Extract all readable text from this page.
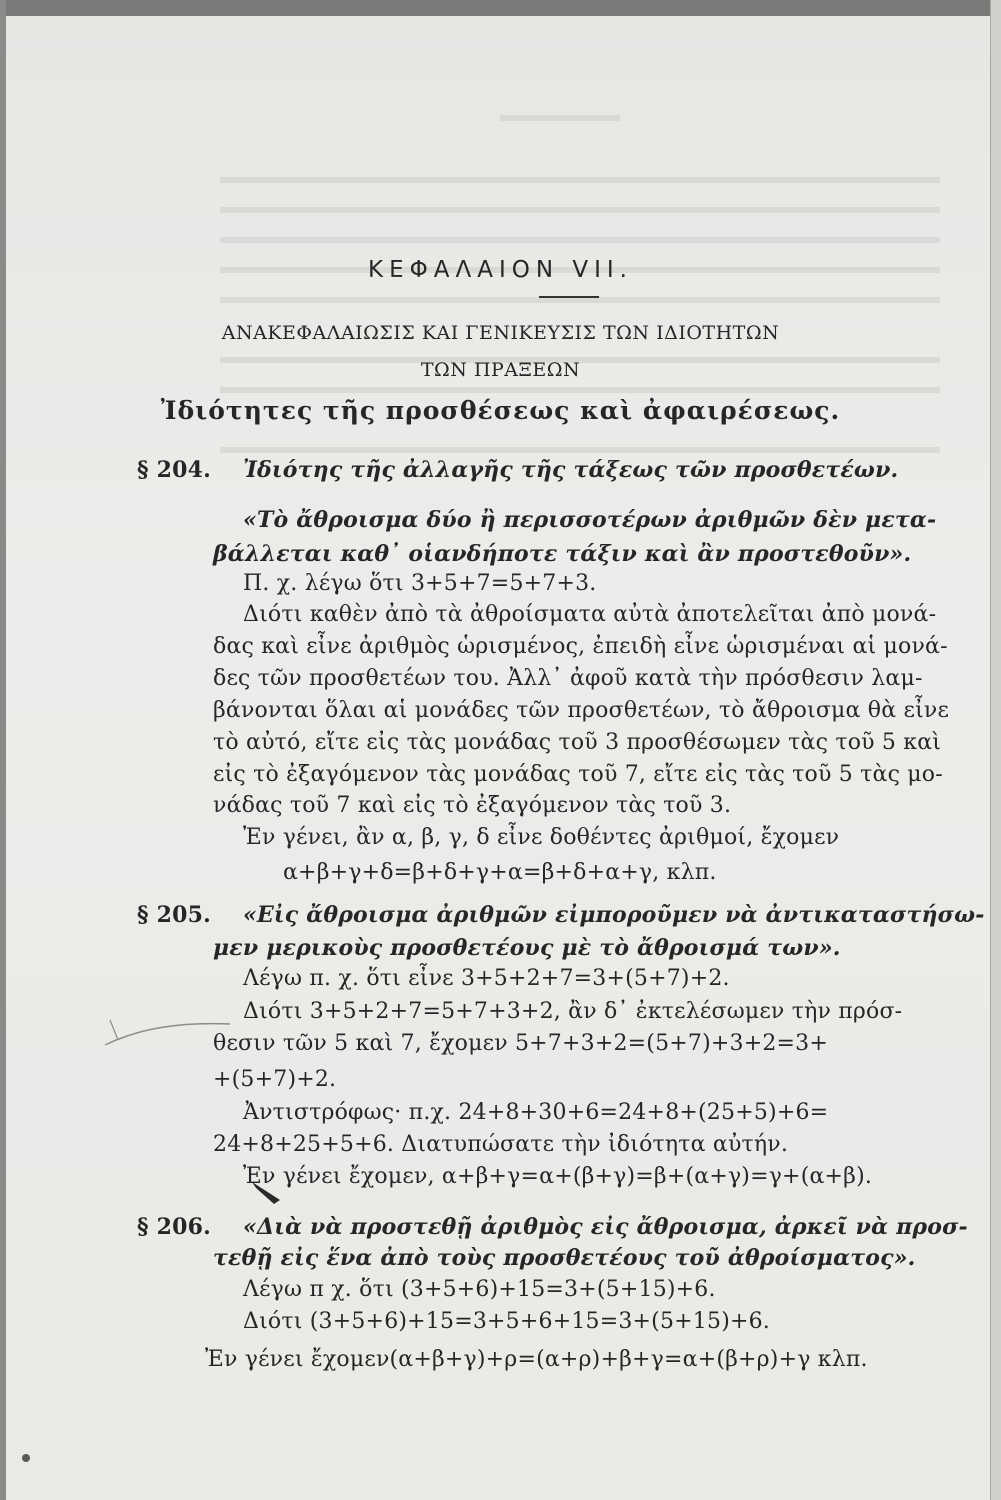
ΚΕΦΑΛΑΙΟΝ VII.
ΑΝΑΚΕΦΑΛΑΙΩΣΙΣ ΚΑΙ ΓΕΝΙΚΕΥΣΙΣ ΤΩΝ ΙΔΙΟΤΗΤΩΝ
ΤΩΝ ΠΡΑΞΕΩΝ
Ἰδιότητες τῆς προσθέσεως καὶ ἀφαιρέσεως.
§ 204. Ἰδιότης τῆς ἀλλαγῆς τῆς τάξεως τῶν προσθετέων.
«Τὸ ἄθροισμα δύο ἢ περισσοτέρων ἀριθμῶν δὲν μετα-
βάλλεται καθ᾽ οἱανδήποτε τάξιν καὶ ἂν προστεθοῦν».
Π. χ. λέγω ὅτι 3+5+7=5+7+3.
Διότι καθὲν ἀπὸ τὰ ἀθροίσματα αὐτὰ ἀποτελεῖται ἀπὸ μονά-
δας καὶ εἶνε ἀριθμὸς ὡρισμένος, ἐπειδὴ εἶνε ὡρισμέναι αἱ μονά-
δες τῶν προσθετέων του. Ἀλλ᾽ ἀφοῦ κατὰ τὴν πρόσθεσιν λαμ-
βάνονται ὅλαι αἱ μονάδες τῶν προσθετέων, τὸ ἄθροισμα θὰ εἶνε
τὸ αὐτό, εἴτε εἰς τὰς μονάδας τοῦ 3 προσθέσωμεν τὰς τοῦ 5 καὶ
εἰς τὸ ἐξαγόμενον τὰς μονάδας τοῦ 7, εἴτε εἰς τὰς τοῦ 5 τὰς μο-
νάδας τοῦ 7 καὶ εἰς τὸ ἐξαγόμενον τὰς τοῦ 3.
Ἐν γένει, ἂν α, β, γ, δ εἶνε δοθέντες ἀριθμοί, ἔχομεν
α+β+γ+δ=β+δ+γ+α=β+δ+α+γ, κλπ.
§ 205. «Εἰς ἄθροισμα ἀριθμῶν εἰμποροῦμεν νὰ ἀντικαταστήσω-
μεν μερικοὺς προσθετέους μὲ τὸ ἄθροισμά των».
Λέγω π. χ. ὅτι εἶνε 3+5+2+7=3+(5+7)+2.
Διότι 3+5+2+7=5+7+3+2, ἂν δ᾽ ἐκτελέσωμεν τὴν πρόσ-
θεσιν τῶν 5 καὶ 7, ἔχομεν 5+7+3+2=(5+7)+3+2=3+
+(5+7)+2.
Ἀντιστρόφως· π.χ. 24+8+30+6=24+8+(25+5)+6=
24+8+25+5+6. Διατυπώσατε τὴν ἰδιότητα αὐτήν.
Ἐν γένει ἔχομεν, α+β+γ=α+(β+γ)=β+(α+γ)=γ+(α+β).
§ 206. «Διὰ νὰ προστεθῇ ἀριθμὸς εἰς ἄθροισμα, ἀρκεῖ νὰ προσ-
τεθῇ εἰς ἕνα ἀπὸ τοὺς προσθετέους τοῦ ἀθροίσματος».
Λέγω π χ. ὅτι (3+5+6)+15=3+(5+15)+6.
Διότι (3+5+6)+15=3+5+6+15=3+(5+15)+6.
Ἐν γένει ἔχομεν(α+β+γ)+ρ=(α+ρ)+β+γ=α+(β+ρ)+γ κλπ.
